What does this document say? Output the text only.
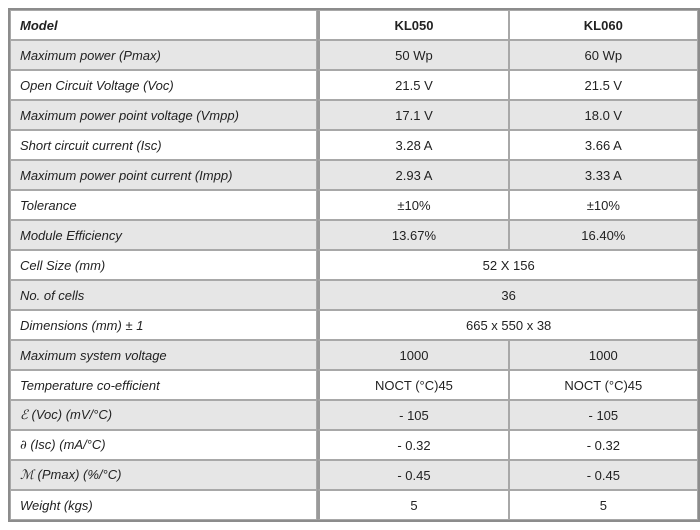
Model	KL050	KL060
Maximum power (Pmax)	50 Wp	60 Wp
Open Circuit Voltage (Voc)	21.5 V	21.5 V
Maximum power point voltage (Vmpp)	17.1 V	18.0 V
Short circuit current (Isc)	3.28 A	3.66 A
Maximum power point current (Impp)	2.93 A	3.33 A
Tolerance	±10%	±10%
Module Efficiency	13.67%	16.40%
Cell Size (mm)	52 X 156	
No. of cells	36	
Dimensions (mm) ± 1	665 x 550 x 38	
Maximum system voltage	1000	1000
Temperature co-efficient	NOCT (°C)45	NOCT (°C)45
ℰ (Voc) (mV/°C)	- 105	- 105
∂ (Isc) (mA/°C)	- 0.32	- 0.32
ℳ (Pmax) (%/°C)	- 0.45	- 0.45
Weight (kgs)	5	5
